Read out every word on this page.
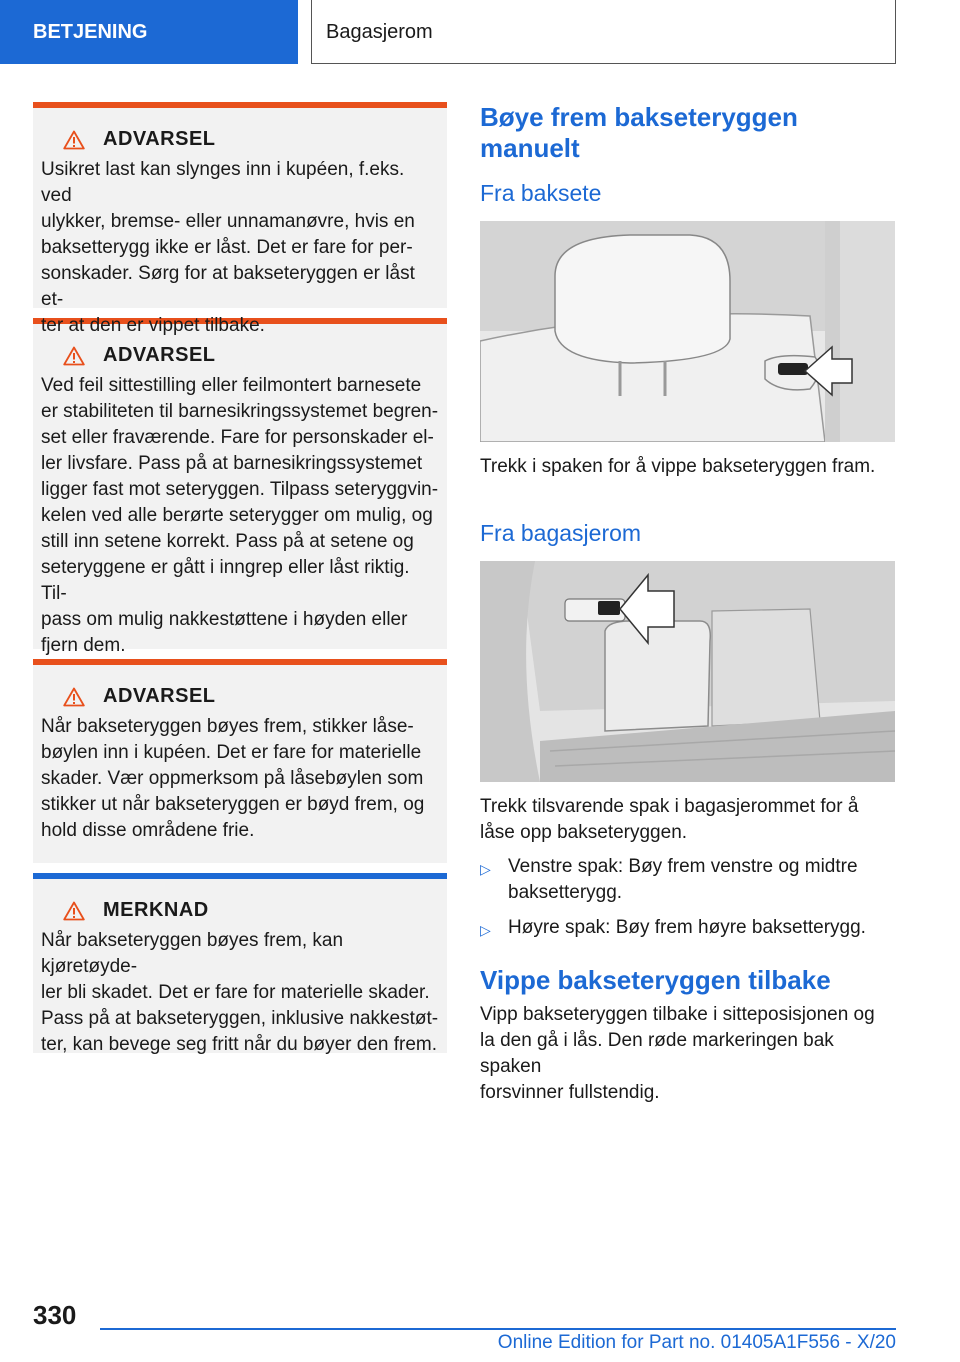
BETJENING	Bagasjerom
ADVARSEL
Usikret last kan slynges inn i kupéen, f.eks. ved
ulykker, bremse- eller unnamanøvre, hvis en
baksetterygg ikke er låst. Det er fare for per-
sonskader. Sørg for at bakseteryggen er låst et-
ter at den er vippet tilbake.
ADVARSEL
Ved feil sittestilling eller feilmontert barnesete
er stabiliteten til barnesikringssystemet begren-
set eller fraværende. Fare for personskader el-
ler livsfare. Pass på at barnesikringssystemet
ligger fast mot seteryggen. Tilpass seteryggvin-
kelen ved alle berørte seterygger om mulig, og
still inn setene korrekt. Pass på at setene og
seteryggene er gått i inngrep eller låst riktig. Til-
pass om mulig nakkestøttene i høyden eller
fjern dem.
ADVARSEL
Når bakseteryggen bøyes frem, stikker låse-
bøylen inn i kupéen. Det er fare for materielle
skader. Vær oppmerksom på låsebøylen som
stikker ut når bakseteryggen er bøyd frem, og
hold disse områdene frie.
MERKNAD
Når bakseteryggen bøyes frem, kan kjøretøyde-
ler bli skadet. Det er fare for materielle skader.
Pass på at bakseteryggen, inklusive nakkestøt-
ter, kan bevege seg fritt når du bøyer den frem.
Bøye frem bakseteryggen
manuelt
Fra baksete

Trekk i spaken for å vippe bakseteryggen fram.

Fra bagasjerom

Trekk tilsvarende spak i bagasjerommet for å
låse opp bakseteryggen.

▷ Venstre spak: Bøy frem venstre og midtre
baksetterygg.
▷ Høyre spak: Bøy frem høyre baksetterygg.
Vippe bakseteryggen tilbake

Vipp bakseteryggen tilbake i sitteposisjonen og
la den gå i lås. Den røde markeringen bak spaken
forsvinner fullstendig.

330
Online Edition for Part no. 01405A1F556 - X/20
